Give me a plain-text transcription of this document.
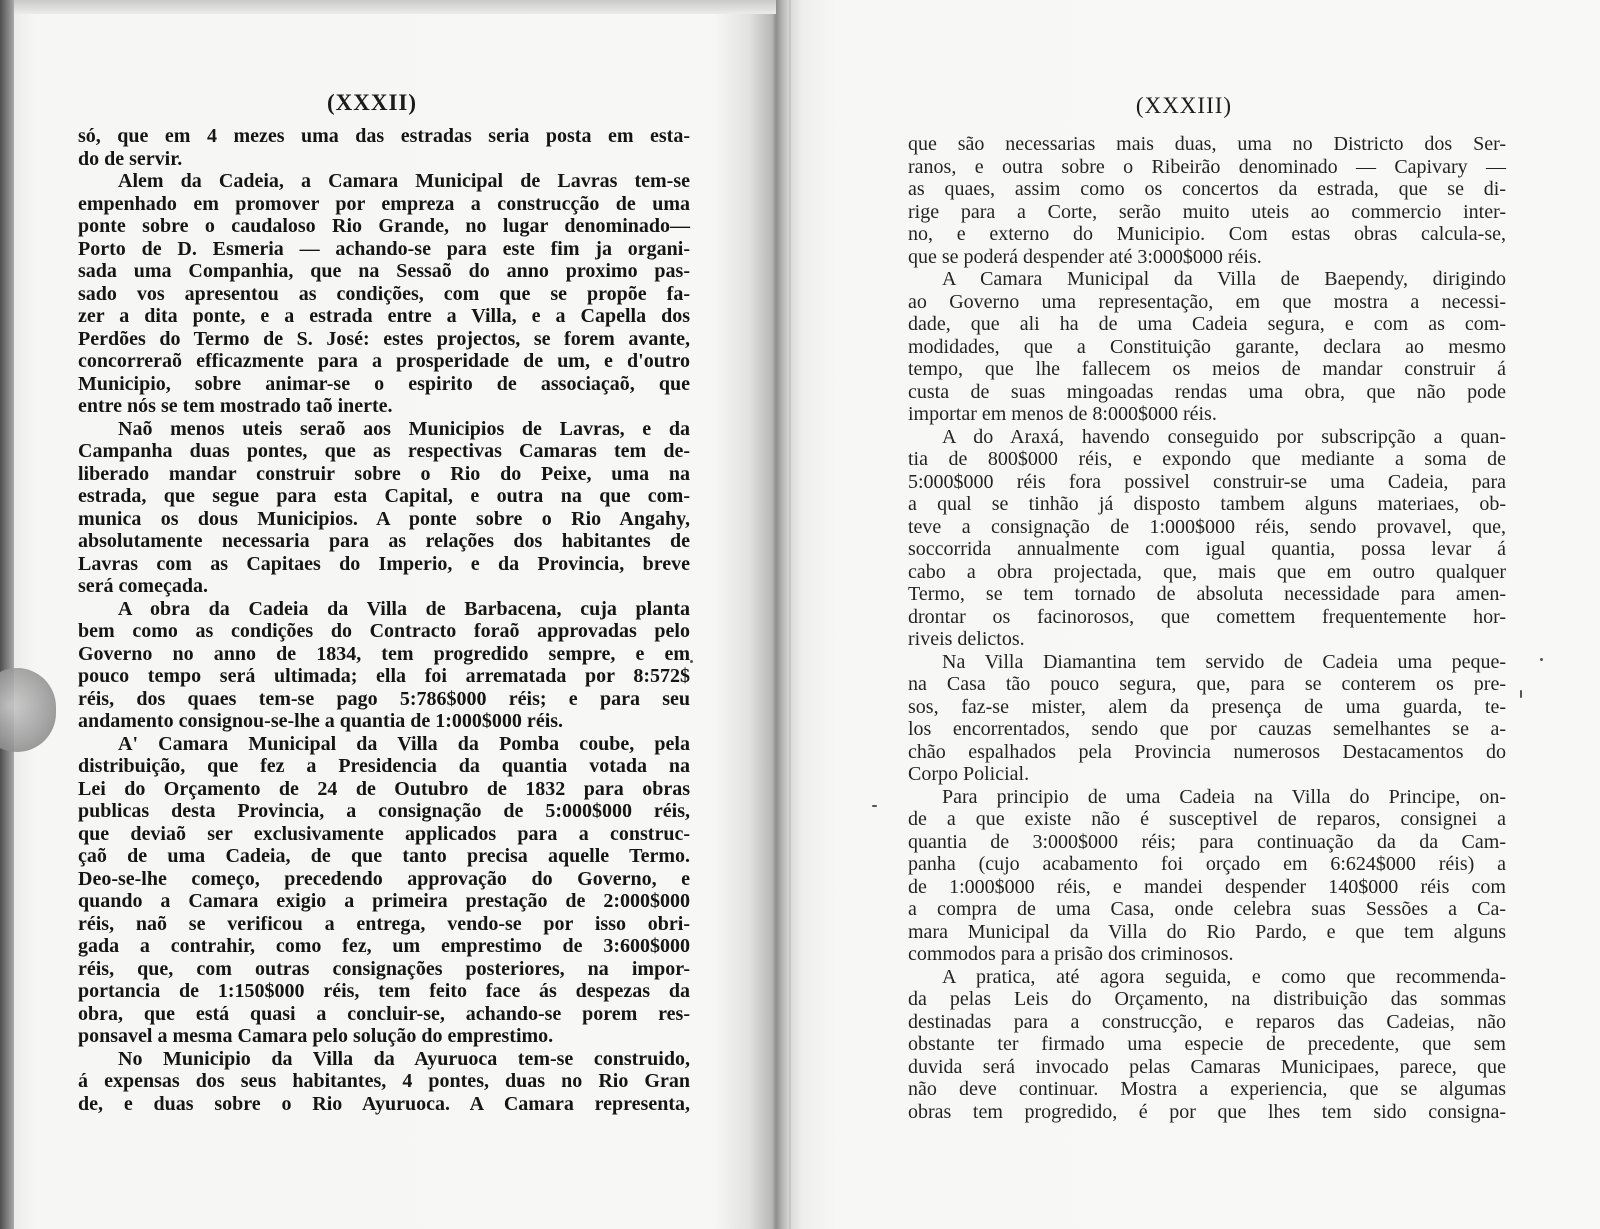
(XXXII)	(XXXIII)
só, que em 4 mezes uma das estradas seria posta em esta-
do de servir.
Alem da Cadeia, a Camara Municipal de Lavras tem-se
empenhado em promover por empreza a construcção de uma
ponte sobre o caudaloso Rio Grande, no lugar denominado—
Porto de D. Esmeria — achando-se para este fim ja organi-
sada uma Companhia, que na Sessaõ do anno proximo pas-
sado vos apresentou as condições, com que se propõe fa-
zer a dita ponte, e a estrada entre a Villa, e a Capella dos
Perdões do Termo de S. José: estes projectos, se forem avante,
concorreraõ efficazmente para a prosperidade de um, e d'outro
Municipio, sobre animar-se o espirito de associaçaõ, que
entre nós se tem mostrado taõ inerte.
Naõ menos uteis seraõ aos Municipios de Lavras, e da
Campanha duas pontes, que as respectivas Camaras tem de-
liberado mandar construir sobre o Rio do Peixe, uma na
estrada, que segue para esta Capital, e outra na que com-
munica os dous Municipios. A ponte sobre o Rio Angahy,
absolutamente necessaria para as relações dos habitantes de
Lavras com as Capitaes do Imperio, e da Provincia, breve
será começada.
A obra da Cadeia da Villa de Barbacena, cuja planta
bem como as condições do Contracto foraõ approvadas pelo
Governo no anno de 1834, tem progredido sempre, e em
pouco tempo será ultimada; ella foi arrematada por 8:572$
réis, dos quaes tem-se pago 5:786$000 réis; e para seu
andamento consignou-se-lhe a quantia de 1:000$000 réis.
A' Camara Municipal da Villa da Pomba coube, pela
distribuição, que fez a Presidencia da quantia votada na
Lei do Orçamento de 24 de Outubro de 1832 para obras
publicas desta Provincia, a consignação de 5:000$000 réis,
que deviaõ ser exclusivamente applicados para a construc-
çaõ de uma Cadeia, de que tanto precisa aquelle Termo.
Deo-se-lhe começo, precedendo approvação do Governo, e
quando a Camara exigio a primeira prestação de 2:000$000
réis, naõ se verificou a entrega, vendo-se por isso obri-
gada a contrahir, como fez, um emprestimo de 3:600$000
réis, que, com outras consignações posteriores, na impor-
portancia de 1:150$000 réis, tem feito face ás despezas da
obra, que está quasi a concluir-se, achando-se porem res-
ponsavel a mesma Camara pelo solução do emprestimo.
No Municipio da Villa da Ayuruoca tem-se construido,
á expensas dos seus habitantes, 4 pontes, duas no Rio Gran
de, e duas sobre o Rio Ayuruoca. A Camara representa,
que são necessarias mais duas, uma no Districto dos Ser-
ranos, e outra sobre o Ribeirão denominado — Capivary —
as quaes, assim como os concertos da estrada, que se di-
rige para a Corte, serão muito uteis ao commercio inter-
no, e externo do Municipio. Com estas obras calcula-se,
que se poderá despender até 3:000$000 réis.
A Camara Municipal da Villa de Baependy, dirigindo
ao Governo uma representação, em que mostra a necessi-
dade, que ali ha de uma Cadeia segura, e com as com-
modidades, que a Constituição garante, declara ao mesmo
tempo, que lhe fallecem os meios de mandar construir á
custa de suas mingoadas rendas uma obra, que não pode
importar em menos de 8:000$000 réis.
A do Araxá, havendo conseguido por subscripção a quan-
tia de 800$000 réis, e expondo que mediante a soma de
5:000$000 réis fora possivel construir-se uma Cadeia, para
a qual se tinhão já disposto tambem alguns materiaes, ob-
teve a consignação de 1:000$000 réis, sendo provavel, que,
soccorrida annualmente com igual quantia, possa levar á
cabo a obra projectada, que, mais que em outro qualquer
Termo, se tem tornado de absoluta necessidade para amen-
drontar os facinorosos, que comettem frequentemente hor-
riveis delictos.
Na Villa Diamantina tem servido de Cadeia uma peque-
na Casa tão pouco segura, que, para se conterem os pre-
sos, faz-se mister, alem da presença de uma guarda, te-
los encorrentados, sendo que por cauzas semelhantes se a-
chão espalhados pela Provincia numerosos Destacamentos do
Corpo Policial.
Para principio de uma Cadeia na Villa do Principe, on-
de a que existe não é susceptivel de reparos, consignei a
quantia de 3:000$000 réis; para continuação da da Cam-
panha (cujo acabamento foi orçado em 6:624$000 réis) a
de 1:000$000 réis, e mandei despender 140$000 réis com
a compra de uma Casa, onde celebra suas Sessões a Ca-
mara Municipal da Villa do Rio Pardo, e que tem alguns
commodos para a prisão dos criminosos.
A pratica, até agora seguida, e como que recommenda-
da pelas Leis do Orçamento, na distribuição das sommas
destinadas para a construcção, e reparos das Cadeias, não
obstante ter firmado uma especie de precedente, que sem
duvida será invocado pelas Camaras Municipaes, parece, que
não deve continuar. Mostra a experiencia, que se algumas
obras tem progredido, é por que lhes tem sido consigna-
